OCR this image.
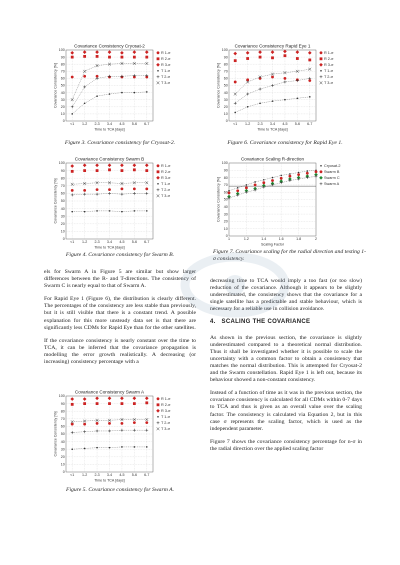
Covariance Consistency Cryosat-2
0
10
20
30
40
50
60
70
80
90
100
<1 1-2 2-3 3-4 4-5 5-6 6-7
Time to TCA [days]
Covariance Consistency [%]
R 1-σ
R 2-σ
R 3-σ
T 1-σ
T 2-σ
T 3-σ
Figure 3. Covariance consistency for Cryosat-2.
Covariance Consistency Rapid Eye 1
0
10
20
30
40
50
60
70
80
90
100
<1 1-2 2-3 3-4 4-5 5-6 6-7
Time to TCA [days]
Covariance Consistency [%]
R 1-σ
R 2-σ
R 3-σ
T 1-σ
T 2-σ
T 3-σ
Figure 6. Covariance consistency for Rapid Eye 1.
Covariance Consistency Swarm B
0
10
20
30
40
50
60
70
80
90
100
<1 1-2 2-3 3-4 4-5 5-6 6-7
Time to TCA [days]
Covariance Consistency [%]
R 1-σ
R 2-σ
R 3-σ
T 1-σ
T 2-σ
T 3-σ
Figure 4. Covariance consistency for Swarm B.
Covariance Scaling R-direction
0
10
20
30
40
50
60
70
80
90
100
1	1.2	1.4	1.6	1.8	2
Scaling Factor
Covariance Consistency [%]
Cryosat-2
Swarm B
Swarm C
Swarm A
Figure 7. Covariance scaling for the radial direction and testing 1-σ consistency.
Covariance Consistency Swarm A
0
10
20
30
40
50
60
70
80
90
100
<1 1-2 2-3 3-4 4-5 5-6 6-7
Time to TCA [days]
Covariance Consistency [%]
R 1-σ
R 2-σ
R 3-σ
T 1-σ
T 2-σ
T 3-σ
Figure 5. Covariance consistency for Swarm A.

els for Swarm A in Figure 5 are similar but show larger differences between the R- and T-directions. The consistency of Swarm C is nearly equal to that of Swarm A.

For Rapid Eye 1 (Figure 6), the distribution is clearly different. The percentages of the consistency are less stable than previously, but it is still visible that there is a constant trend. A possible explanation for this more unsteady data set is that there are significantly less CDMs for Rapid Eye than for the other satellites.

If the covariance consistency is nearly constant over the time to TCA, it can be inferred that the covariance propagation is modelling the error growth realistically. A decreasing (or increasing) consistency percentage with a

decreasing time to TCA would imply a too fast (or too slow) reduction of the covariance. Although it appears to be slightly underestimated, the consistency shows that the covariance for a single satellite has a predictable and stable behaviour, which is necessary for a reliable use in collision avoidance.

4. SCALING THE COVARIANCE

As shown in the previous section, the covariance is slightly underestimated compared to a theoretical normal distribution. Thus it shall be investigated whether it is possible to scale the uncertainty with a common factor to obtain a consistency that matches the normal distribution. This is attempted for Cryosat-2 and the Swarm constellation. Rapid Eye 1 is left out, because its behaviour showed a non-constant consistency.

Instead of a function of time as it was in the previous section, the covariance consistency is calculated for all CDMs within 0-7 days to TCA and thus is given as an overall value over the scaling factor. The consistency is calculated via Equation 2, but in this case σ represents the scaling factor, which is used as the independent parameter.

Figure 7 shows the covariance consistency percentage for n-σ in the radial direction over the applied scaling factor
